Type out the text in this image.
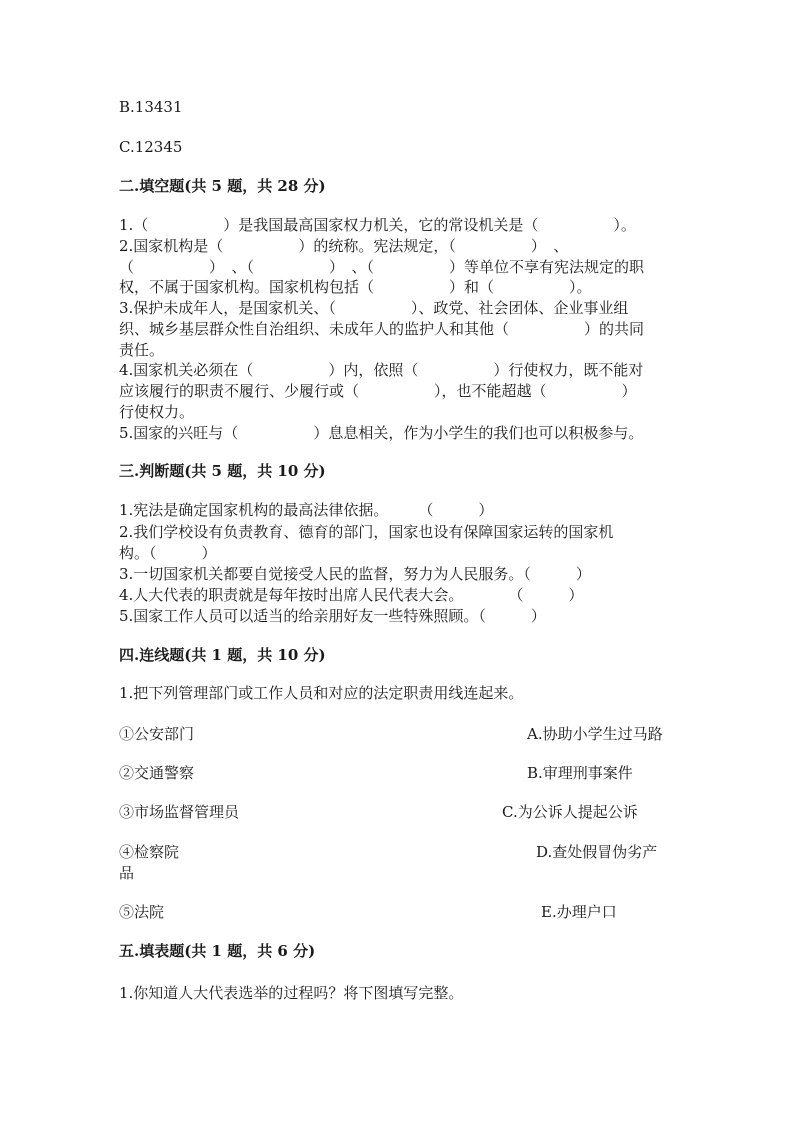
B.13431
C.12345
二.填空题(共 5 题，共 28 分)
1.（　　　　　）是我国最高国家权力机关，它的常设机关是（　　　　　）。
2.国家机构是（　　　　　）的统称。宪法规定，（　　　　　）　、
（　　　　　）　、（　　　　　）　、（　　　　　）等单位不享有宪法规定的职
权，不属于国家机构。国家机构包括（　　　　　）和（　　　　　）。
3.保护未成年人，是国家机关、（　　　　　）、政党、社会团体、企业事业组
织、城乡基层群众性自治组织、未成年人的监护人和其他（　　　　　）的共同
责任。
4.国家机关必须在（　　　　　）内，依照（　　　　　）行使权力，既不能对
应该履行的职责不履行、少履行或（　　　　　），也不能超越（　　　　　）
行使权力。
5.国家的兴旺与（　　　　　）息息相关，作为小学生的我们也可以积极参与。
三.判断题(共 5 题，共 10 分)
1.宪法是确定国家机构的最高法律依据。　　　（　　　）
2.我们学校设有负责教育、德育的部门，国家也设有保障国家运转的国家机
构。（　　　）
3.一切国家机关都要自觉接受人民的监督，努力为人民服务。（　　　）
4.人大代表的职责就是每年按时出席人民代表大会。　　　　（　　　）
5.国家工作人员可以适当的给亲朋好友一些特殊照顾。（　　　）
四.连线题(共 1 题，共 10 分)
1.把下列管理部门或工作人员和对应的法定职责用线连起来。
①公安部门	A.协助小学生过马路
②交通警察	B.审理刑事案件
③市场监督管理员	C.为公诉人提起公诉
④检察院	D.查处假冒伪劣产
品
⑤法院	E.办理户口
五.填表题(共 1 题，共 6 分)
1.你知道人大代表选举的过程吗？将下图填写完整。
